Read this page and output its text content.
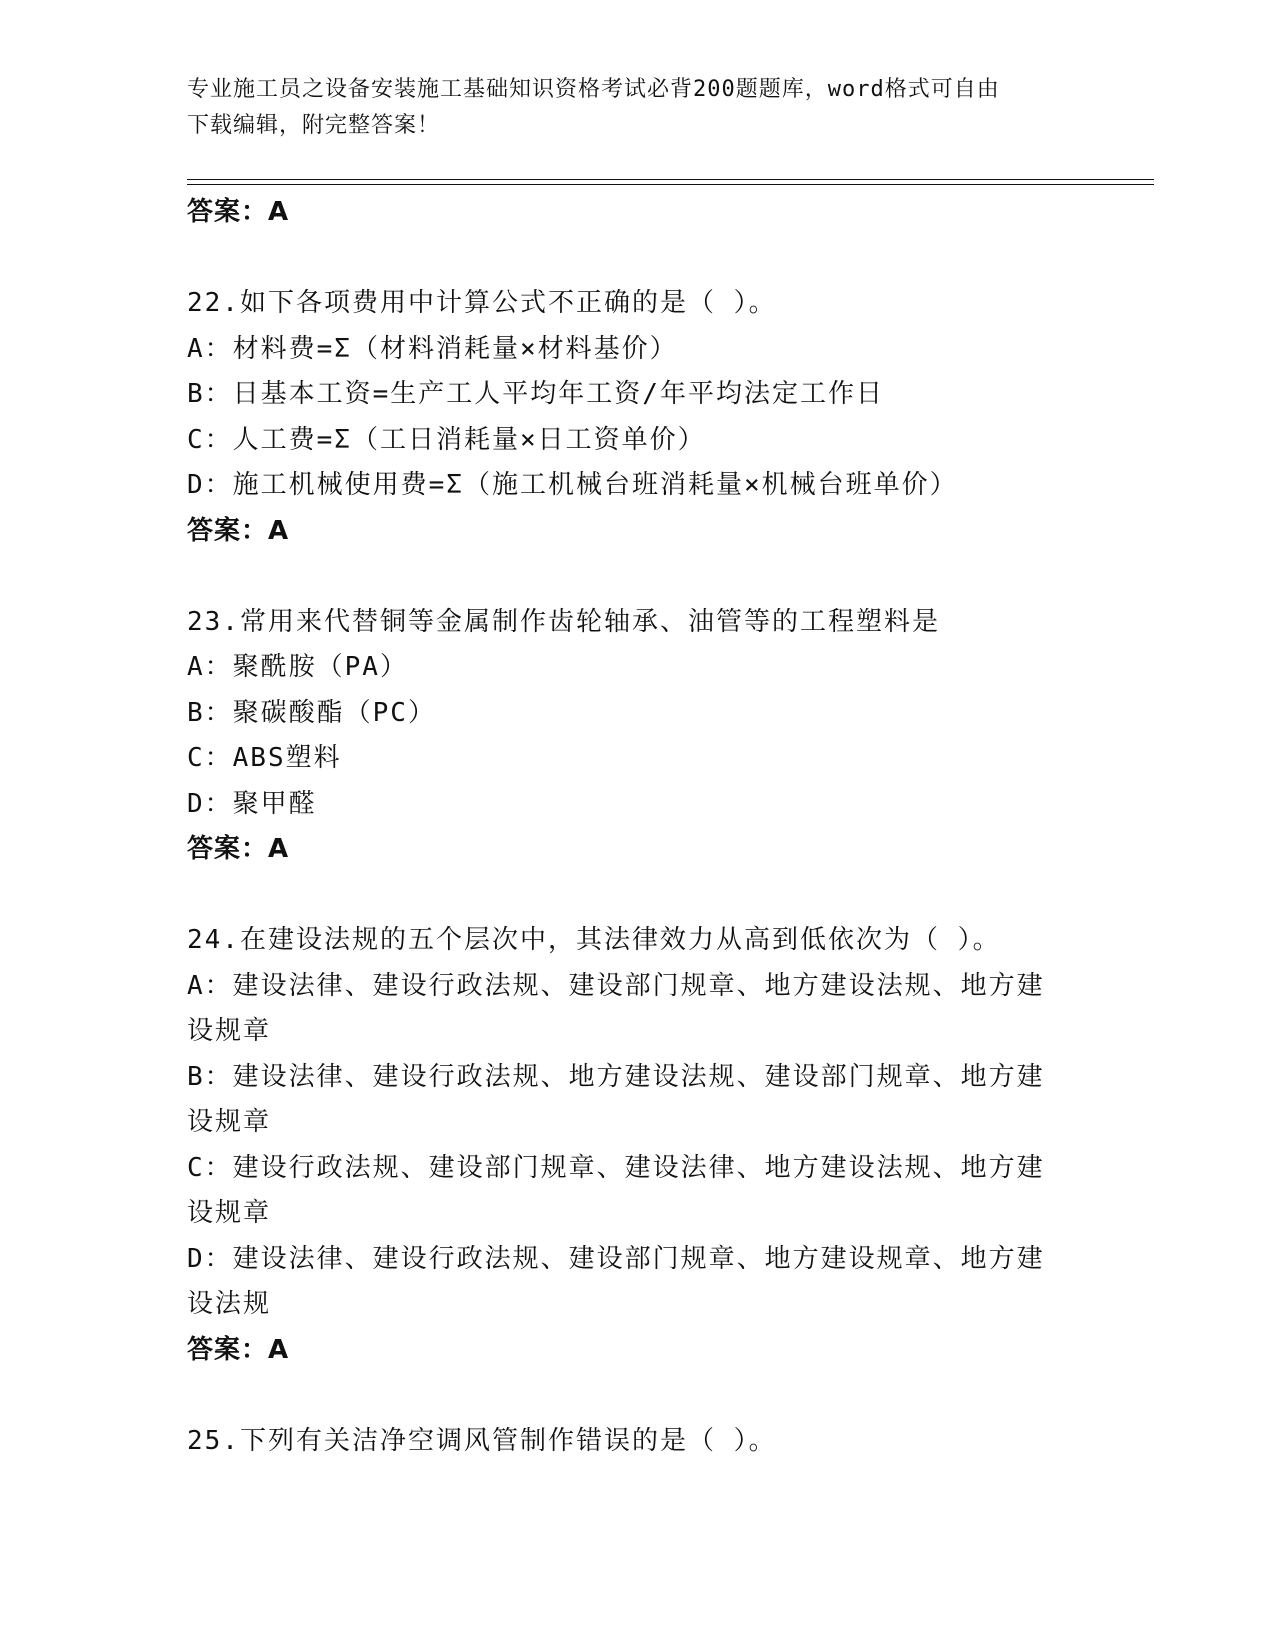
专业施工员之设备安装施工基础知识资格考试必背200题题库，word格式可自由

下载编辑，附完整答案！

答案：A
22.如下各项费用中计算公式不正确的是（ ）。
A：材料费=Σ（材料消耗量×材料基价）
B：日基本工资=生产工人平均年工资/年平均法定工作日
C：人工费=Σ（工日消耗量×日工资单价）
D：施工机械使用费=Σ（施工机械台班消耗量×机械台班单价）
答案：A
23.常用来代替铜等金属制作齿轮轴承、油管等的工程塑料是
A：聚酰胺（PA）
B：聚碳酸酯（PC）
C：ABS塑料
D：聚甲醛
答案：A
24.在建设法规的五个层次中，其法律效力从高到低依次为（ ）。
A：建设法律、建设行政法规、建设部门规章、地方建设法规、地方建
设规章
B：建设法律、建设行政法规、地方建设法规、建设部门规章、地方建
设规章
C：建设行政法规、建设部门规章、建设法律、地方建设法规、地方建
设规章
D：建设法律、建设行政法规、建设部门规章、地方建设规章、地方建
设法规
答案：A
25.下列有关洁净空调风管制作错误的是（ ）。
